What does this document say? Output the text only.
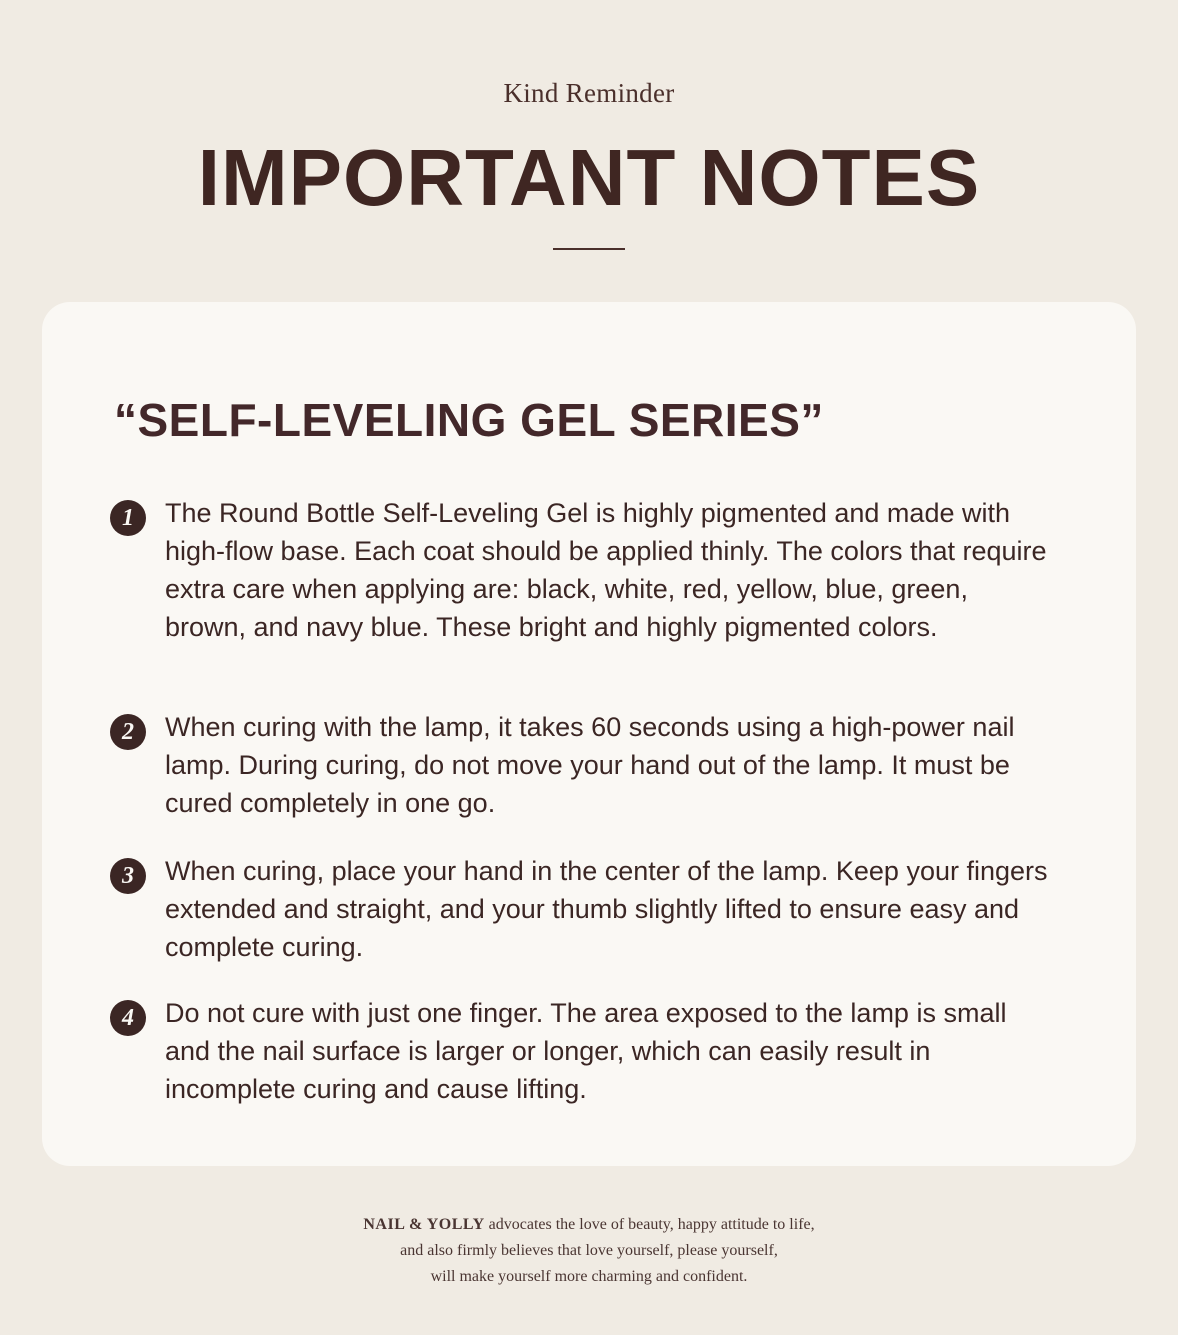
Kind Reminder
IMPORTANT NOTES
“SELF-LEVELING GEL SERIES”
1	The Round Bottle Self-Leveling Gel is highly pigmented and made with high-flow base. Each coat should be applied thinly. The colors that require extra care when applying are: black, white, red, yellow, blue, green, brown, and navy blue. These bright and highly pigmented colors.
2	When curing with the lamp, it takes 60 seconds using a high-power nail lamp. During curing, do not move your hand out of the lamp. It must be cured completely in one go.
3	When curing, place your hand in the center of the lamp. Keep your fingers extended and straight, and your thumb slightly lifted to ensure easy and complete curing.
4	Do not cure with just one finger. The area exposed to the lamp is small and the nail surface is larger or longer, which can easily result in incomplete curing and cause lifting.
NAIL & YOLLY advocates the love of beauty, happy attitude to life,
and also firmly believes that love yourself, please yourself,
will make yourself more charming and confident.
